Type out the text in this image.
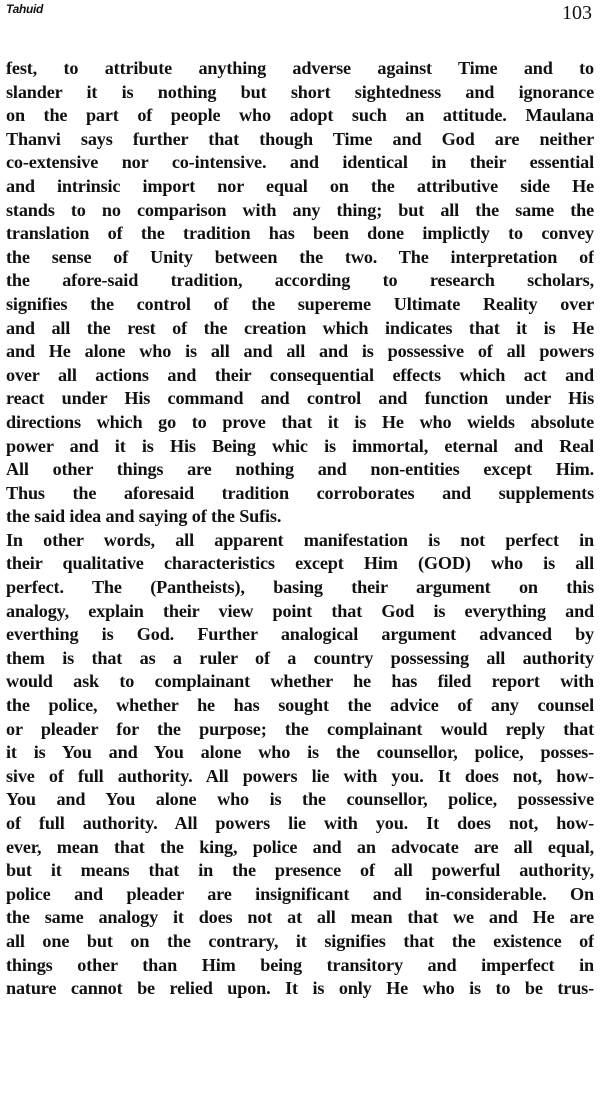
Tahuid	103
fest, to attribute anything adverse against Time and to
slander it is nothing but short sightedness and ignorance
on the part of people who adopt such an attitude. Maulana
Thanvi says further that though Time and God are neither
co-extensive nor co-intensive. and identical in their essential
and intrinsic import nor equal on the attributive side He
stands to no comparison with any thing; but all the same the
translation of the tradition has been done implictly to convey
the sense of Unity between the two. The interpretation of
the afore-said tradition, according to research scholars,
signifies the control of the supereme Ultimate Reality over
and all the rest of the creation which indicates that it is He
and He alone who is all and all and is possessive of all powers
over all actions and their consequential effects which act and
react under His command and control and function under His
directions which go to prove that it is He who wields absolute
power and it is His Being whic is immortal, eternal and Real
All other things are nothing and non-entities except Him.
Thus the aforesaid tradition corroborates and supplements
the said idea and saying of the Sufis.
In other words, all apparent manifestation is not perfect in
their qualitative characteristics except Him (GOD) who is all
perfect. The (Pantheists), basing their argument on this
analogy, explain their view point that God is everything and
everthing is God. Further analogical argument advanced by
them is that as a ruler of a country possessing all authority
would ask to complainant whether he has filed report with
the police, whether he has sought the advice of any counsel
or pleader for the purpose; the complainant would reply that
it is You and You alone who is the counsellor, police, posses-
sive of full authority. All powers lie with you. It does not, how-
You and You alone who is the counsellor, police, possessive
of full authority. All powers lie with you. It does not, how-
ever, mean that the king, police and an advocate are all equal,
but it means that in the presence of all powerful authority,
police and pleader are insignificant and in-considerable. On
the same analogy it does not at all mean that we and He are
all one but on the contrary, it signifies that the existence of
things other than Him being transitory and imperfect in
nature cannot be relied upon. It is only He who is to be trus-
